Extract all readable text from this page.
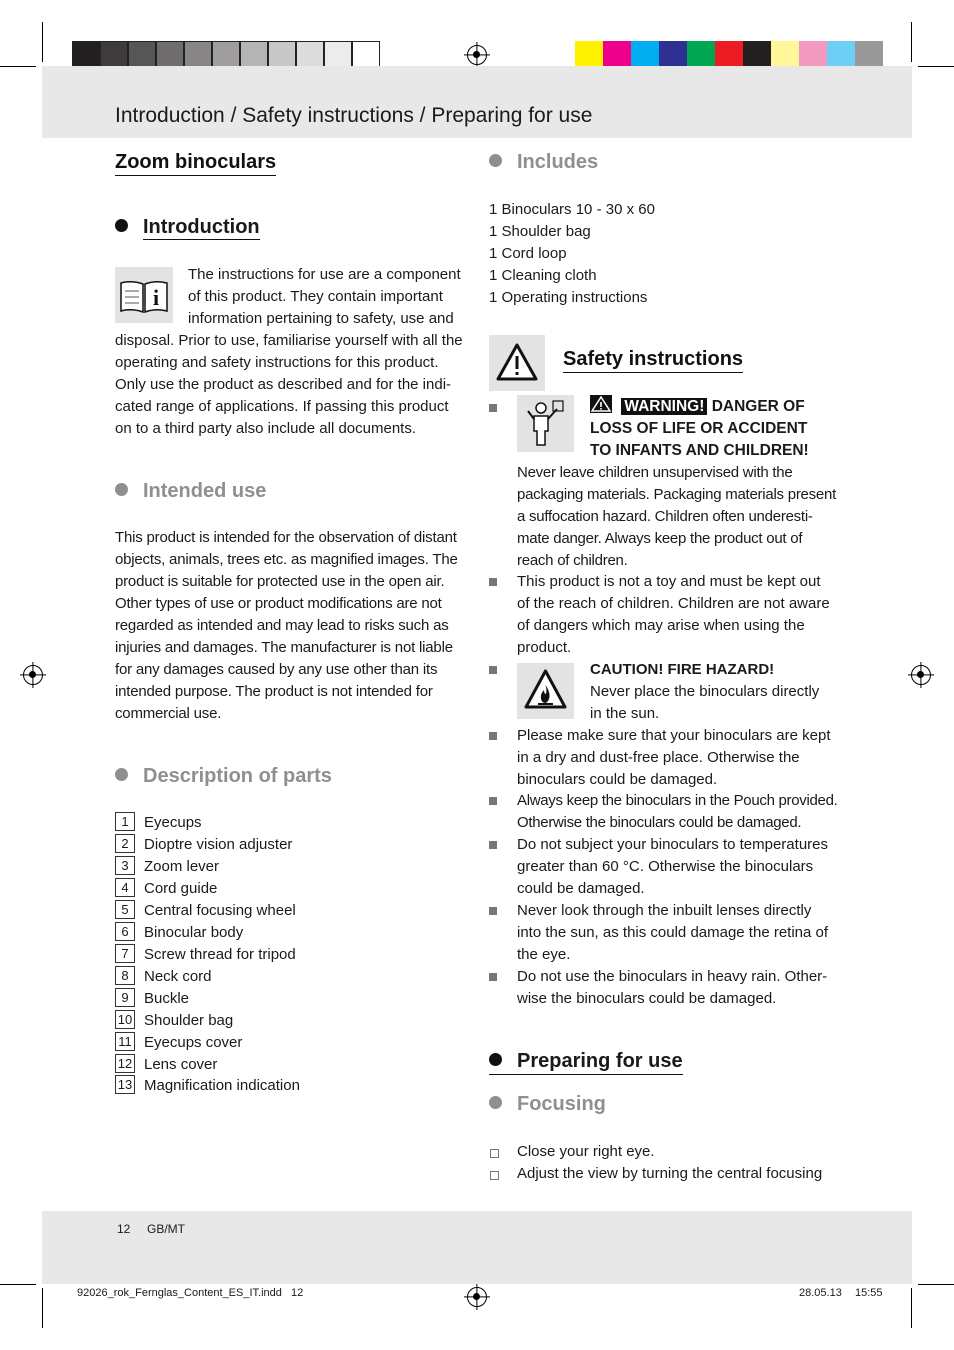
Introduction / Safety instructions / Preparing for use
Zoom binoculars
Introduction
i
The instructions for use are a component
of this product. They contain important
information pertaining to safety, use and
disposal. Prior to use, familiarise yourself with all the
operating and safety instructions for this product.
Only use the product as described and for the indi-
cated range of applications. If passing this product
on to a third party also include all documents.
Intended use
This product is intended for the observation of distant
objects, animals, trees etc. as magnified images. The
product is suitable for protected use in the open air.
Other types of use or product modifications are not
regarded as intended and may lead to risks such as
injuries and damages. The manufacturer is not liable
for any damages caused by any use other than its
intended purpose. The product is not intended for
commercial use.
Description of parts
1 Eyecups
2 Dioptre vision adjuster
3 Zoom lever
4 Cord guide
5 Central focusing wheel
6 Binocular body
7 Screw thread for tripod
8 Neck cord
9 Buckle
10 Shoulder bag
11 Eyecups cover
12 Lens cover
13 Magnification indication
Includes
1 Binoculars 10 - 30 x 60
1 Shoulder bag
1 Cord loop
1 Cleaning cloth
1 Operating instructions
Safety instructions
WARNING! DANGER OF
LOSS OF LIFE OR ACCIDENT
TO INFANTS AND CHILDREN!
Never leave children unsupervised with the
packaging materials. Packaging materials present
a suffocation hazard. Children often underesti-
mate danger. Always keep the product out of
reach of children.
This product is not a toy and must be kept out
of the reach of children. Children are not aware
of dangers which may arise when using the
product.
CAUTION! FIRE HAZARD!
Never place the binoculars directly
in the sun.
Please make sure that your binoculars are kept
in a dry and dust-free place. Otherwise the
binoculars could be damaged.
Always keep the binoculars in the Pouch provided.
Otherwise the binoculars could be damaged.
Do not subject your binoculars to temperatures
greater than 60 °C. Otherwise the binoculars
could be damaged.
Never look through the inbuilt lenses directly
into the sun, as this could damage the retina of
the eye.
Do not use the binoculars in heavy rain. Other-
wise the binoculars could be damaged.
Preparing for use
Focusing
Close your right eye.
Adjust the view by turning the central focusing
12 GB/MT
92026_rok_Fernglas_Content_ES_IT.indd   12	28.05.13 15:55
